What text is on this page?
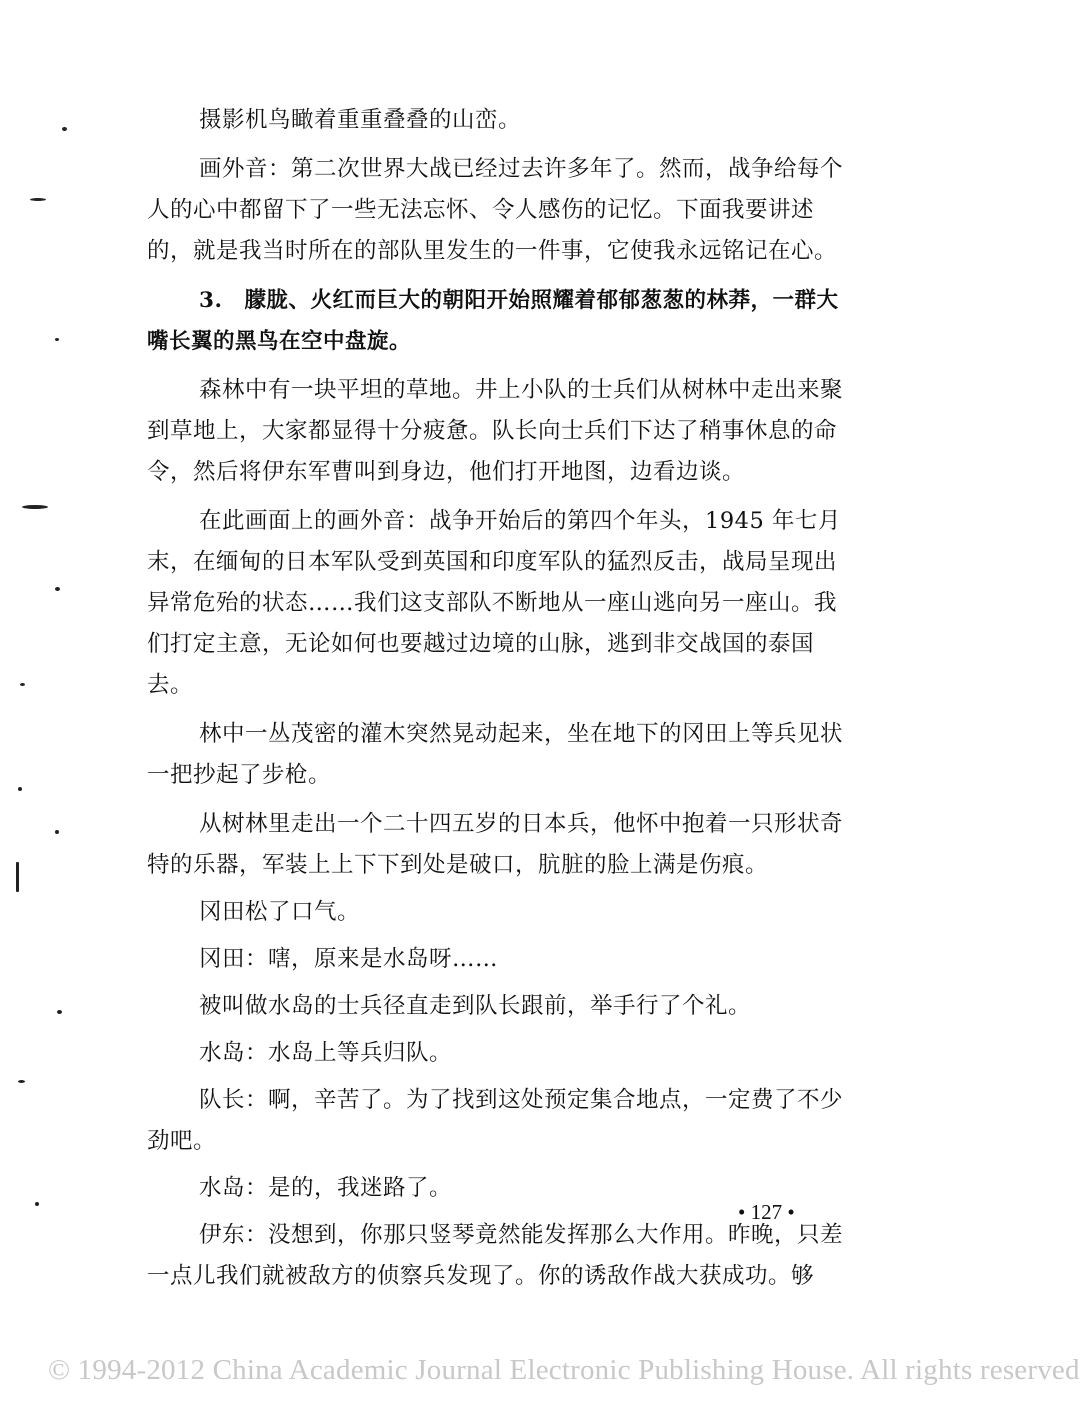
摄影机鸟瞰着重重叠叠的山峦。

画外音：第二次世界大战已经过去许多年了。然而，战争给每个人的心中都留下了一些无法忘怀、令人感伤的记忆。下面我要讲述的，就是我当时所在的部队里发生的一件事，它使我永远铭记在心。

3.　朦胧、火红而巨大的朝阳开始照耀着郁郁葱葱的林莽，一群大嘴长翼的黑鸟在空中盘旋。

森林中有一块平坦的草地。井上小队的士兵们从树林中走出来聚到草地上，大家都显得十分疲惫。队长向士兵们下达了稍事休息的命令，然后将伊东军曹叫到身边，他们打开地图，边看边谈。

在此画面上的画外音：战争开始后的第四个年头，1945 年七月末，在缅甸的日本军队受到英国和印度军队的猛烈反击，战局呈现出异常危殆的状态……我们这支部队不断地从一座山逃向另一座山。我们打定主意，无论如何也要越过边境的山脉，逃到非交战国的泰国去。

林中一丛茂密的灌木突然晃动起来，坐在地下的冈田上等兵见状一把抄起了步枪。

从树林里走出一个二十四五岁的日本兵，他怀中抱着一只形状奇特的乐器，军装上上下下到处是破口，肮脏的脸上满是伤痕。

冈田松了口气。

冈田：嗐，原来是水岛呀……

被叫做水岛的士兵径直走到队长跟前，举手行了个礼。

水岛：水岛上等兵归队。

队长：啊，辛苦了。为了找到这处预定集合地点，一定费了不少劲吧。

水岛：是的，我迷路了。

伊东：没想到，你那只竖琴竟然能发挥那么大作用。昨晚，只差一点儿我们就被敌方的侦察兵发现了。你的诱敌作战大获成功。够

• 127 •
© 1994-2012 China Academic Journal Electronic Publishing House. All rights reserved
